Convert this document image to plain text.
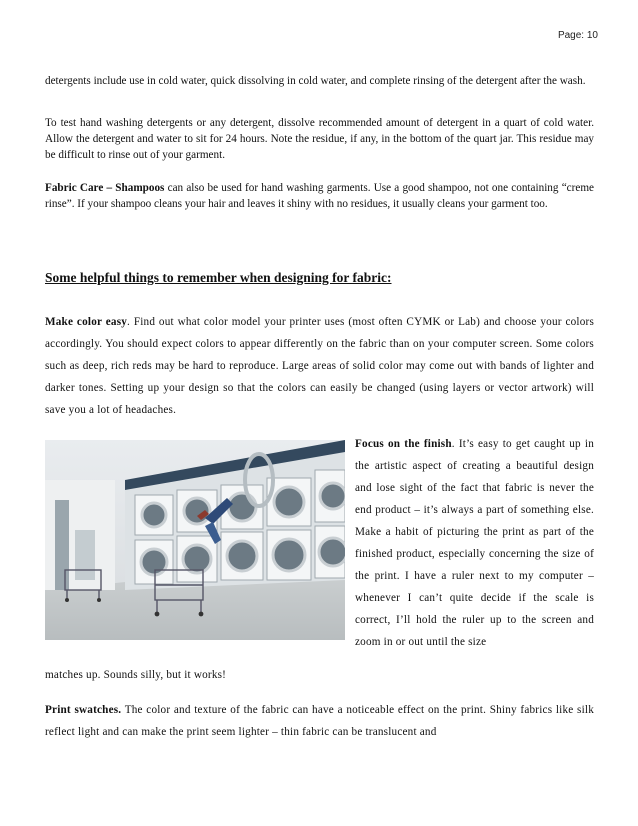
Page: 10
detergents include use in cold water, quick dissolving in cold water, and complete rinsing of the detergent after the wash.
To test hand washing detergents or any detergent, dissolve recommended amount of detergent in a quart of cold water. Allow the detergent and water to sit for 24 hours. Note the residue, if any, in the bottom of the quart jar. This residue may be difficult to rinse out of your garment.
Fabric Care – Shampoos can also be used for hand washing garments. Use a good shampoo, not one containing “creme rinse”. If your shampoo cleans your hair and leaves it shiny with no residues, it usually cleans your garment too.
Some helpful things to remember when designing for fabric:
Make color easy. Find out what color model your printer uses (most often CYMK or Lab) and choose your colors accordingly. You should expect colors to appear differently on the fabric than on your computer screen. Some colors such as deep, rich reds may be hard to reproduce. Large areas of solid color may come out with bands of lighter and darker tones. Setting up your design so that the colors can easily be changed (using layers or vector artwork) will save you a lot of headaches.
Focus on the finish. It’s easy to get caught up in the artistic aspect of creating a beautiful design and lose sight of the fact that fabric is never the end product – it’s always a part of something else. Make a habit of picturing the print as part of the finished product, especially concerning the size of the print. I have a ruler next to my computer – whenever I can’t quite decide if the scale is correct, I’ll hold the ruler up to the screen and zoom in or out until the size
matches up. Sounds silly, but it works!
Print swatches. The color and texture of the fabric can have a noticeable effect on the print. Shiny fabrics like silk reflect light and can make the print seem lighter – thin fabric can be translucent and
